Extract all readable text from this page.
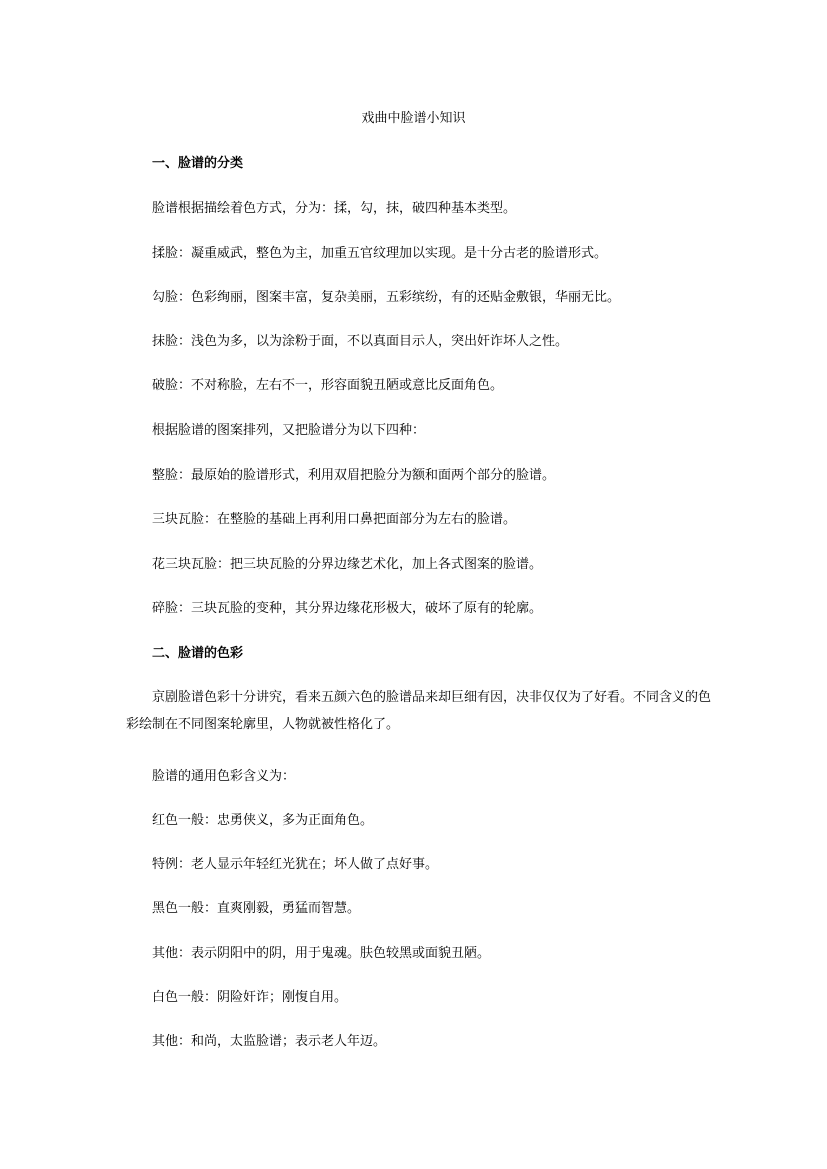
戏曲中脸谱小知识
一、脸谱的分类
脸谱根据描绘着色方式，分为：揉，勾，抹，破四种基本类型。
揉脸：凝重威武，整色为主，加重五官纹理加以实现。是十分古老的脸谱形式。
勾脸：色彩绚丽，图案丰富，复杂美丽，五彩缤纷，有的还贴金敷银，华丽无比。
抹脸：浅色为多，以为涂粉于面，不以真面目示人，突出奸诈坏人之性。
破脸：不对称脸，左右不一，形容面貌丑陋或意比反面角色。
根据脸谱的图案排列，又把脸谱分为以下四种：
整脸：最原始的脸谱形式，利用双眉把脸分为额和面两个部分的脸谱。
三块瓦脸：在整脸的基础上再利用口鼻把面部分为左右的脸谱。
花三块瓦脸：把三块瓦脸的分界边缘艺术化，加上各式图案的脸谱。
碎脸：三块瓦脸的变种，其分界边缘花形极大，破坏了原有的轮廓。
二、脸谱的色彩
京剧脸谱色彩十分讲究，看来五颜六色的脸谱品来却巨细有因，决非仅仅为了好看。不同含义的色彩绘制在不同图案轮廓里，人物就被性格化了。
脸谱的通用色彩含义为：
红色一般：忠勇侠义，多为正面角色。
特例：老人显示年轻红光犹在；坏人做了点好事。
黑色一般：直爽刚毅，勇猛而智慧。
其他：表示阴阳中的阴，用于鬼魂。肤色较黑或面貌丑陋。
白色一般：阴险奸诈；刚愎自用。
其他：和尚，太监脸谱；表示老人年迈。
